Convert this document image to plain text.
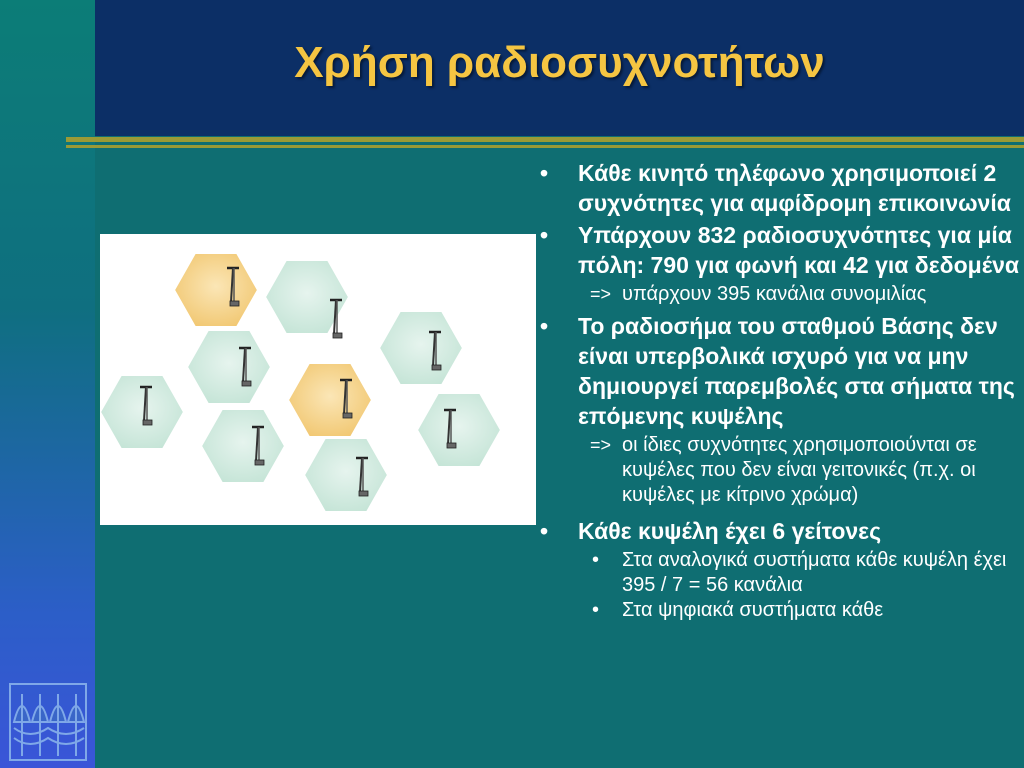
Χρήση ραδιοσυχνοτήτων
• Κάθε κινητό τηλέφωνο χρησιμοποιεί 2 συχνότητες για αμφίδρομη επικοινωνία
• Υπάρχουν 832 ραδιοσυχνότητες για μία πόλη: 790 για φωνή και 42 για δεδομένα
=> υπάρχουν 395 κανάλια συνομιλίας
• Το ραδιοσήμα του σταθμού Βάσης δεν είναι υπερβολικά ισχυρό για να μην δημιουργεί παρεμβολές στα σήματα της επόμενης κυψέλης
=> οι ίδιες συχνότητες χρησιμοποιούνται σε κυψέλες που δεν είναι γειτονικές (π.χ. οι κυψέλες με κίτρινο χρώμα)
• Κάθε κυψέλη έχει 6 γείτονες
• Στα αναλογικά συστήματα κάθε κυψέλη έχει 395 / 7 = 56 κανάλια
• Στα ψηφιακά συστήματα κάθε
